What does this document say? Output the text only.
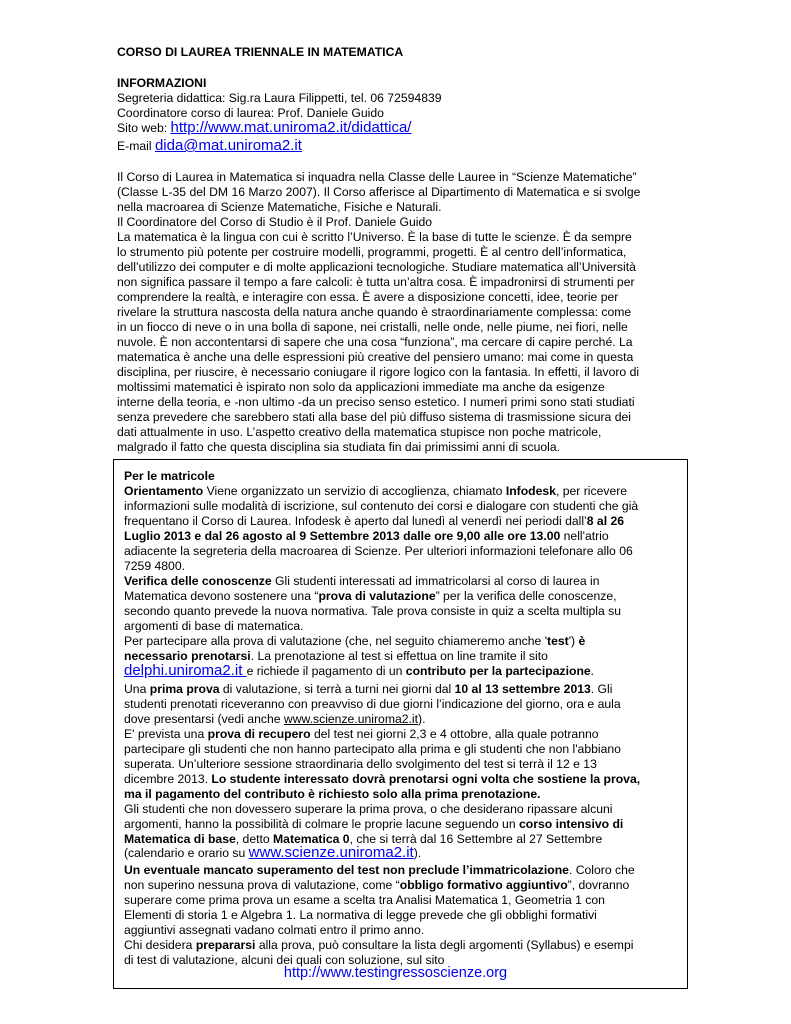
CORSO DI LAUREA TRIENNALE IN MATEMATICA
INFORMAZIONI
Segreteria didattica: Sig.ra Laura Filippetti, tel. 06 72594839
Coordinatore corso di laurea: Prof. Daniele Guido
Sito web: http://www.mat.uniroma2.it/didattica/
E-mail dida@mat.uniroma2.it
Il Corso di Laurea in Matematica si inquadra nella Classe delle Lauree in “Scienze Matematiche”
(Classe L-35 del DM 16 Marzo 2007). Il Corso afferisce al Dipartimento di Matematica e si svolge
nella macroarea di Scienze Matematiche, Fisiche e Naturali.
Il Coordinatore del Corso di Studio è il Prof. Daniele Guido
La matematica è la lingua con cui è scritto l’Universo. È la base di tutte le scienze. È da sempre
lo strumento più potente per costruire modelli, programmi, progetti. È al centro dell’informatica,
dell’utilizzo dei computer e di molte applicazioni tecnologiche. Studiare matematica all’Università
non significa passare il tempo a fare calcoli: è tutta un’altra cosa. È impadronirsi di strumenti per
comprendere la realtà, e interagire con essa. È avere a disposizione concetti, idee, teorie per
rivelare la struttura nascosta della natura anche quando è straordinariamente complessa: come
in un fiocco di neve o in una bolla di sapone, nei cristalli, nelle onde, nelle piume, nei fiori, nelle
nuvole. È non accontentarsi di sapere che una cosa “funziona”, ma cercare di capire perché. La
matematica è anche una delle espressioni più creative del pensiero umano: mai come in questa
disciplina, per riuscire, è necessario coniugare il rigore logico con la fantasia. In effetti, il lavoro di
moltissimi matematici è ispirato non solo da applicazioni immediate ma anche da esigenze
interne della teoria, e -non ultimo -da un preciso senso estetico. I numeri primi sono stati studiati
senza prevedere che sarebbero stati alla base del più diffuso sistema di trasmissione sicura dei
dati attualmente in uso. L’aspetto creativo della matematica stupisce non poche matricole,
malgrado il fatto che questa disciplina sia studiata fin dai primissimi anni di scuola.
Per le matricole
Orientamento Viene organizzato un servizio di accoglienza, chiamato Infodesk, per ricevere
informazioni sulle modalità di iscrizione, sul contenuto dei corsi e dialogare con studenti che già
frequentano il Corso di Laurea. Infodesk è aperto dal lunedì al venerdì nei periodi dall’8 al 26
Luglio 2013 e dal 26 agosto al 9 Settembre 2013 dalle ore 9,00 alle ore 13.00 nell'atrio
adiacente la segreteria della macroarea di Scienze. Per ulteriori informazioni telefonare allo 06
7259 4800.
Verifica delle conoscenze Gli studenti interessati ad immatricolarsi al corso di laurea in
Matematica devono sostenere una “prova di valutazione” per la verifica delle conoscenze,
secondo quanto prevede la nuova normativa. Tale prova consiste in quiz a scelta multipla su
argomenti di base di matematica.
Per partecipare alla prova di valutazione (che, nel seguito chiameremo anche 'test') è
necessario prenotarsi. La prenotazione al test si effettua on line tramite il sito
delphi.uniroma2.it e richiede il pagamento di un contributo per la partecipazione.
Una prima prova di valutazione, si terrà a turni nei giorni dal 10 al 13 settembre 2013. Gli
studenti prenotati riceveranno con preavviso di due giorni l’indicazione del giorno, ora e aula
dove presentarsi (vedi anche www.scienze.uniroma2.it).
E' prevista una prova di recupero del test nei giorni 2,3 e 4 ottobre, alla quale potranno
partecipare gli studenti che non hanno partecipato alla prima e gli studenti che non l'abbiano
superata. Un’ulteriore sessione straordinaria dello svolgimento del test si terrà il 12 e 13
dicembre 2013. Lo studente interessato dovrà prenotarsi ogni volta che sostiene la prova,
ma il pagamento del contributo è richiesto solo alla prima prenotazione.
Gli studenti che non dovessero superare la prima prova, o che desiderano ripassare alcuni
argomenti, hanno la possibilità di colmare le proprie lacune seguendo un corso intensivo di
Matematica di base, detto Matematica 0, che si terrà dal 16 Settembre al 27 Settembre
(calendario e orario su www.scienze.uniroma2.it).
Un eventuale mancato superamento del test non preclude l’immatricolazione. Coloro che
non superino nessuna prova di valutazione, come “obbligo formativo aggiuntivo”, dovranno
superare come prima prova un esame a scelta tra Analisi Matematica 1, Geometria 1 con
Elementi di storia 1 e Algebra 1. La normativa di legge prevede che gli obblighi formativi
aggiuntivi assegnati vadano colmati entro il primo anno.
Chi desidera prepararsi alla prova, può consultare la lista degli argomenti (Syllabus) e esempi
di test di valutazione, alcuni dei quali con soluzione, sul sito
http://www.testingressoscienze.org
